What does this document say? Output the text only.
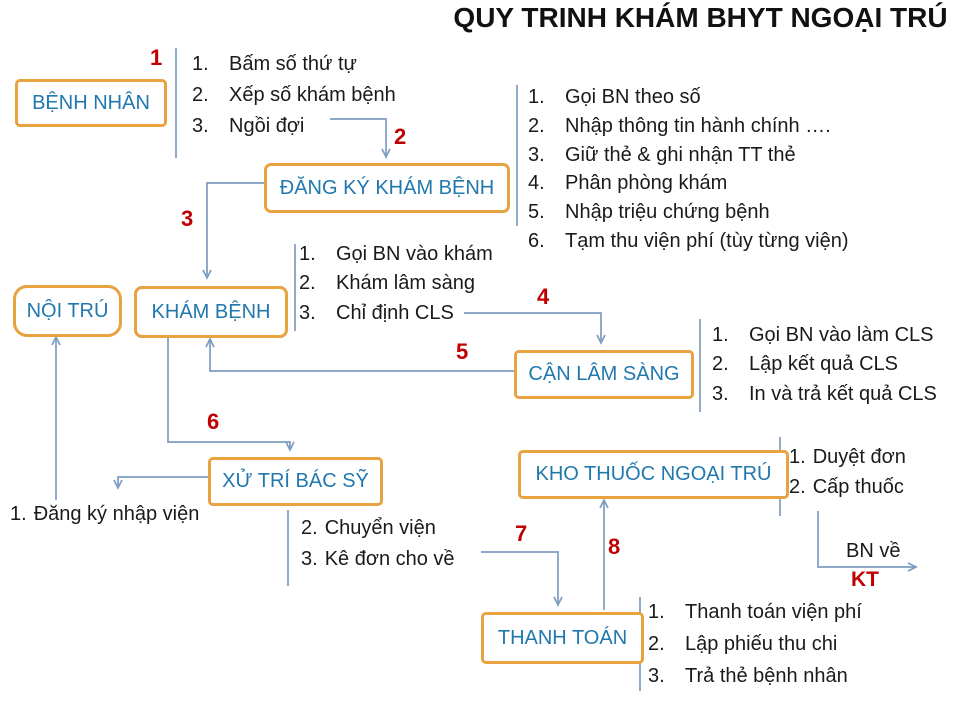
QUY TRINH KHÁM BHYT NGOẠI TRÚ
BỆNH NHÂN
ĐĂNG KÝ KHÁM BỆNH
NỘI TRÚ	KHÁM BỆNH
CẬN LÂM SÀNG
XỬ TRÍ BÁC SỸ	KHO THUỐC NGOẠI TRÚ
THANH TOÁN
1
2
3
4
5
6
7
8
KT
1.	Bấm số thứ tự
2.	Xếp số khám bệnh
3.	Ngồi đợi
1.	Gọi BN theo số
2.	Nhập thông tin hành chính ….
3.	Giữ thẻ & ghi nhận TT thẻ
4.	Phân phòng khám
5.	Nhập triệu chứng bệnh
6.	Tạm thu viện phí (tùy từng viện)
1.	Gọi BN vào khám
2.	Khám lâm sàng
3.	Chỉ định CLS
1.	Gọi BN vào làm CLS
2.	Lập kết quả CLS
3.	In và trả kết quả CLS
1. Duyệt đơn
2. Cấp thuốc
1. Đăng ký nhập viện
2. Chuyển viện
3. Kê đơn cho về
1.	Thanh toán viện phí
2.	Lập phiếu thu chi
3.	Trả thẻ bệnh nhân
BN về
